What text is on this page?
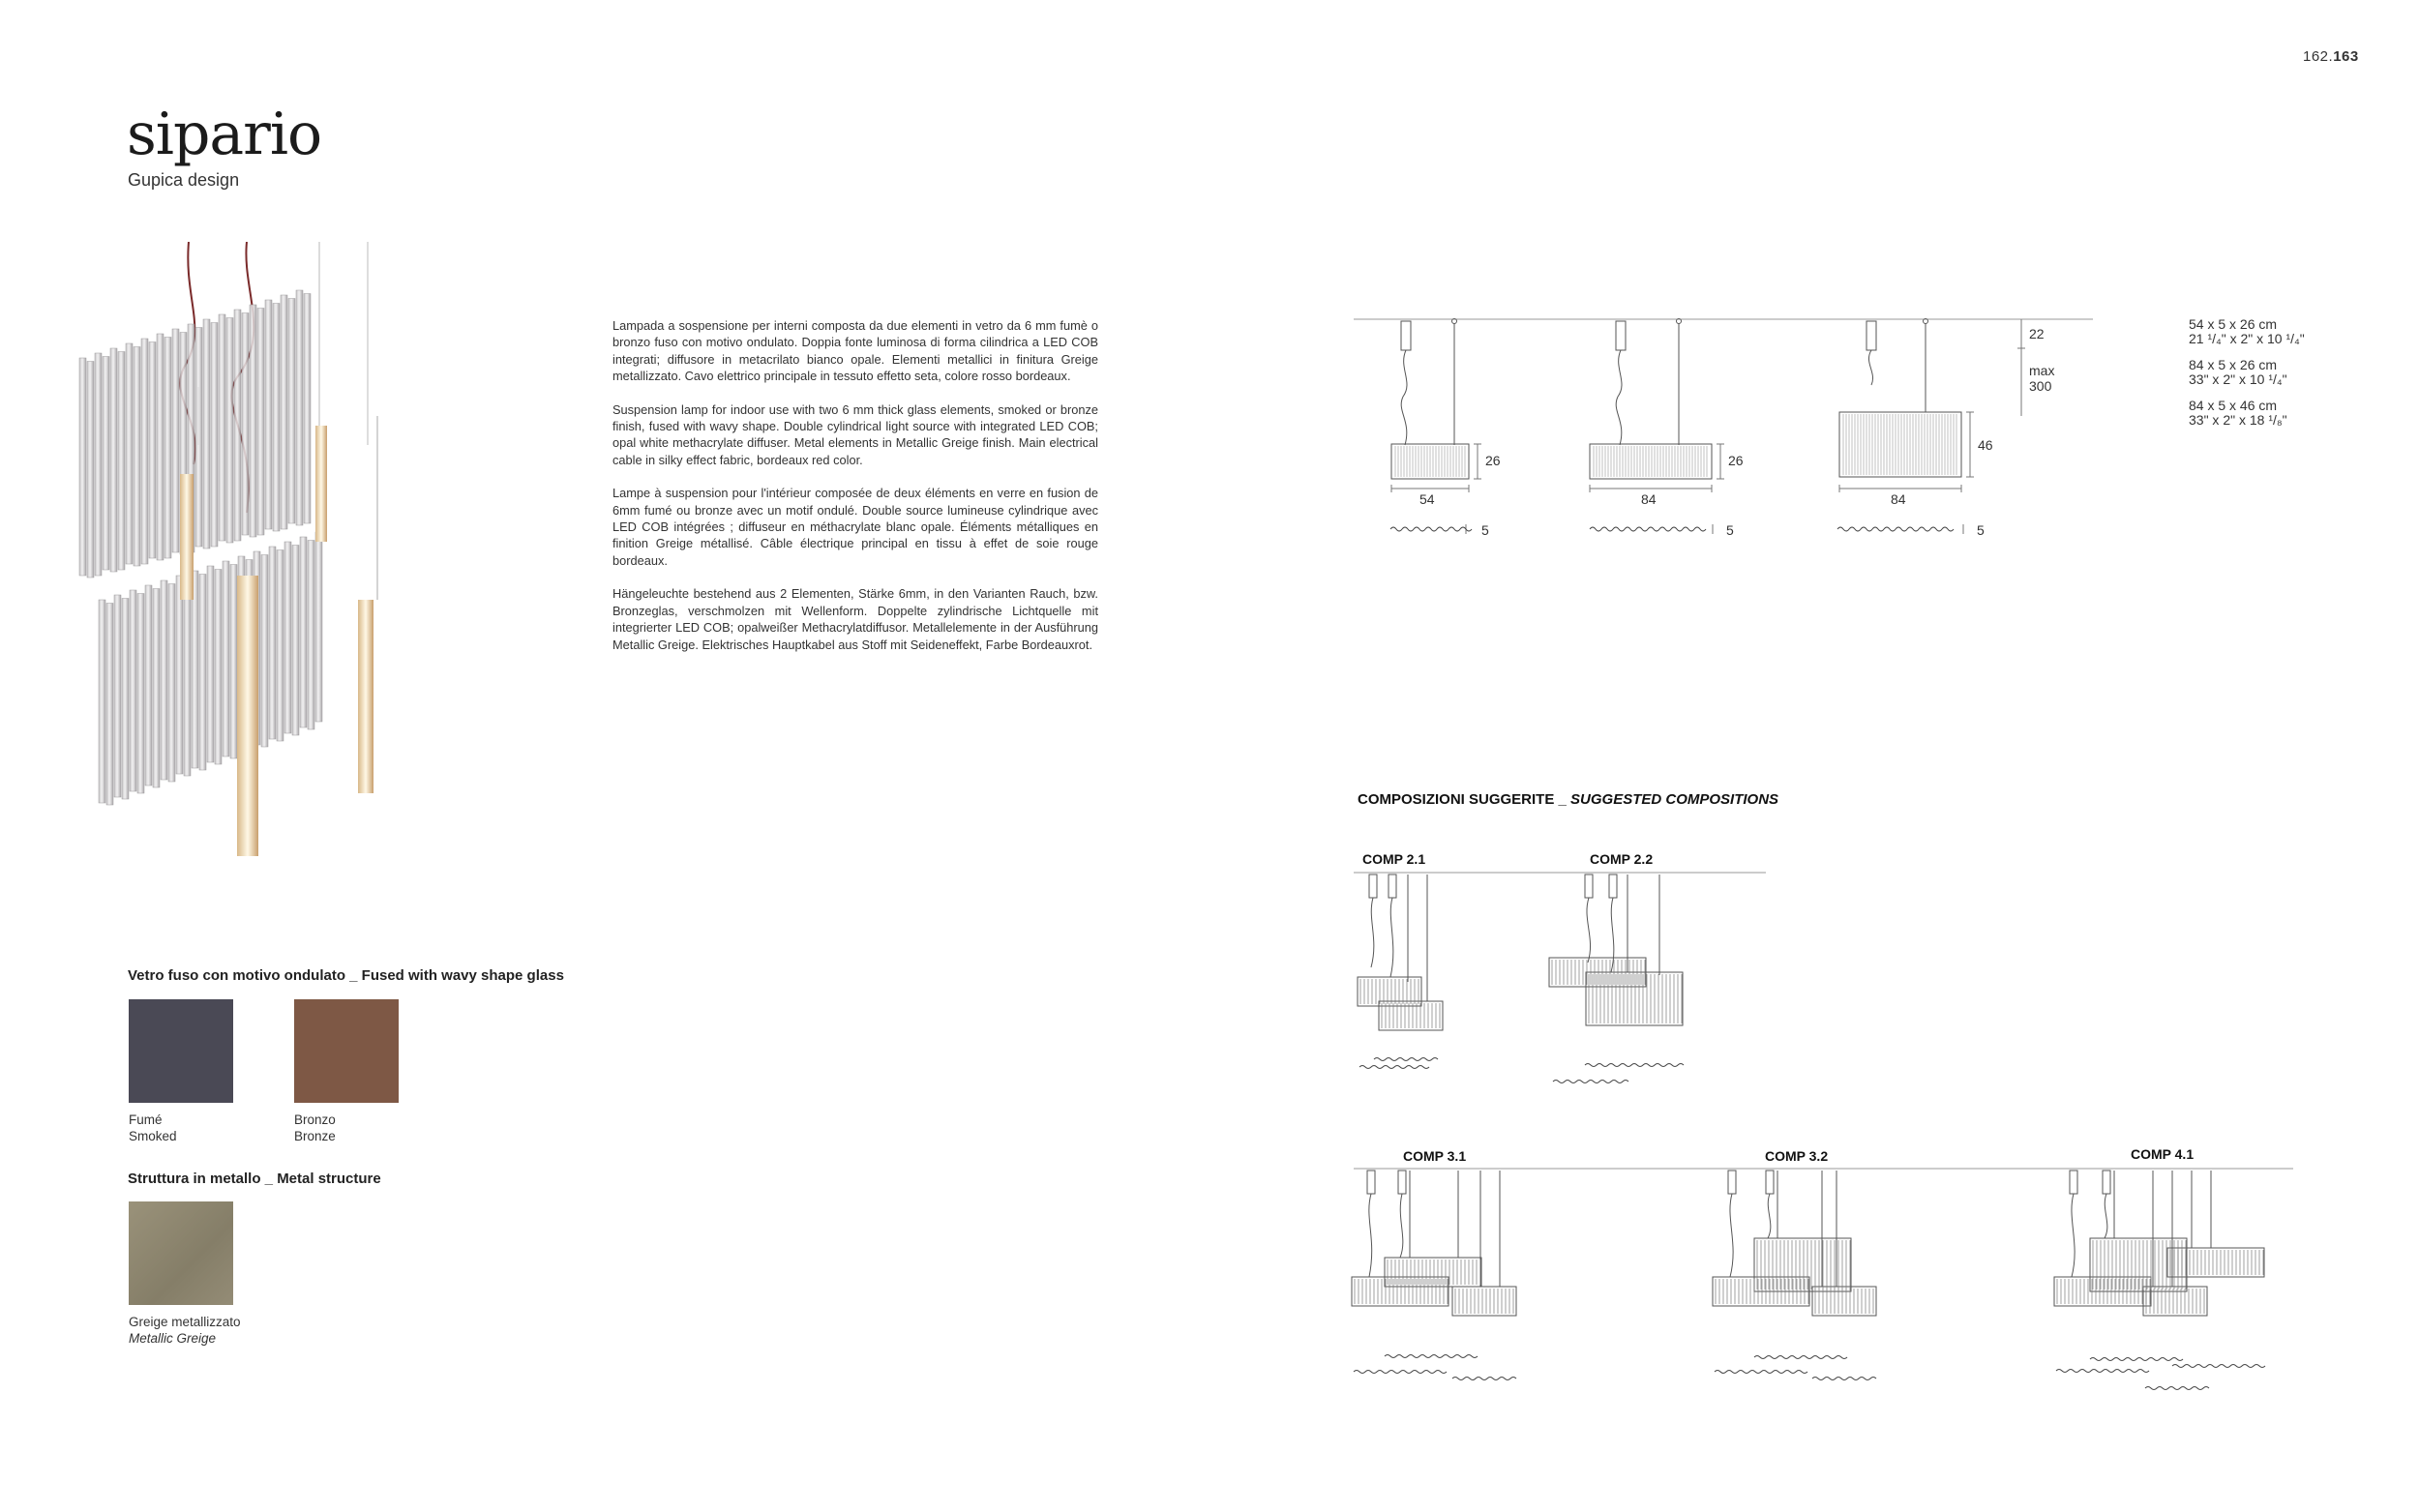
162.163
sipario
Gupica design

Lampada a sospensione per interni composta da due elementi in vetro da 6 mm fumè o bronzo fuso con motivo ondulato. Doppia fonte luminosa di forma cilindrica a LED COB integrati; diffusore in metacrilato bianco opale. Elementi metallici in finitura Greige metallizzato. Cavo elettrico principale in tessuto effetto seta, colore rosso bordeaux.

Suspension lamp for indoor use with two 6 mm thick glass elements, smoked or bronze finish, fused with wavy shape. Double cylindrical light source with integrated LED COB; opal white methacrylate diffuser. Metal elements in Metallic Greige finish. Main electrical cable in silky effect fabric, bordeaux red color.

Lampe à suspension pour l'intérieur composée de deux éléments en verre en fusion de 6mm fumé ou bronze avec un motif ondulé. Double source lumineuse cylindrique avec LED COB intégrées ; diffuseur en méthacrylate blanc opale. Éléments métalliques en finition Greige métallisé. Câble électrique principal en tissu à effet de soie rouge bordeaux.

Hängeleuchte bestehend aus 2 Elementen, Stärke 6mm, in den Varianten Rauch, bzw. Bronzeglas, verschmolzen mit Wellenform. Doppelte zylindrische Lichtquelle mit integrierter LED COB; opalweißer Methacrylatdiffusor. Metallelemente in der Ausführung Metallic Greige. Elektrisches Hauptkabel aus Stoff mit Seideneffekt, Farbe Bordeauxrot.

Vetro fuso con motivo ondulato _ Fused with wavy shape glass
Fumé
Smoked
Bronzo
Bronze
Struttura in metallo _ Metal structure
Greige metallizzato
Metallic Greige
26
54
5
26
84
5
46
84
5
22
max
300
54 x 5 x 26 cm
21 ¹/₄" x 2" x 10 ¹/₄"
84 x 5 x 26 cm
33" x 2" x 10 ¹/₄"
84 x 5 x 46 cm
33" x 2" x 18 ¹/₈"
COMPOSIZIONI SUGGERITE _ SUGGESTED COMPOSITIONS
COMP 2.1	COMP 2.2
COMP 3.1	COMP 3.2	COMP 4.1
